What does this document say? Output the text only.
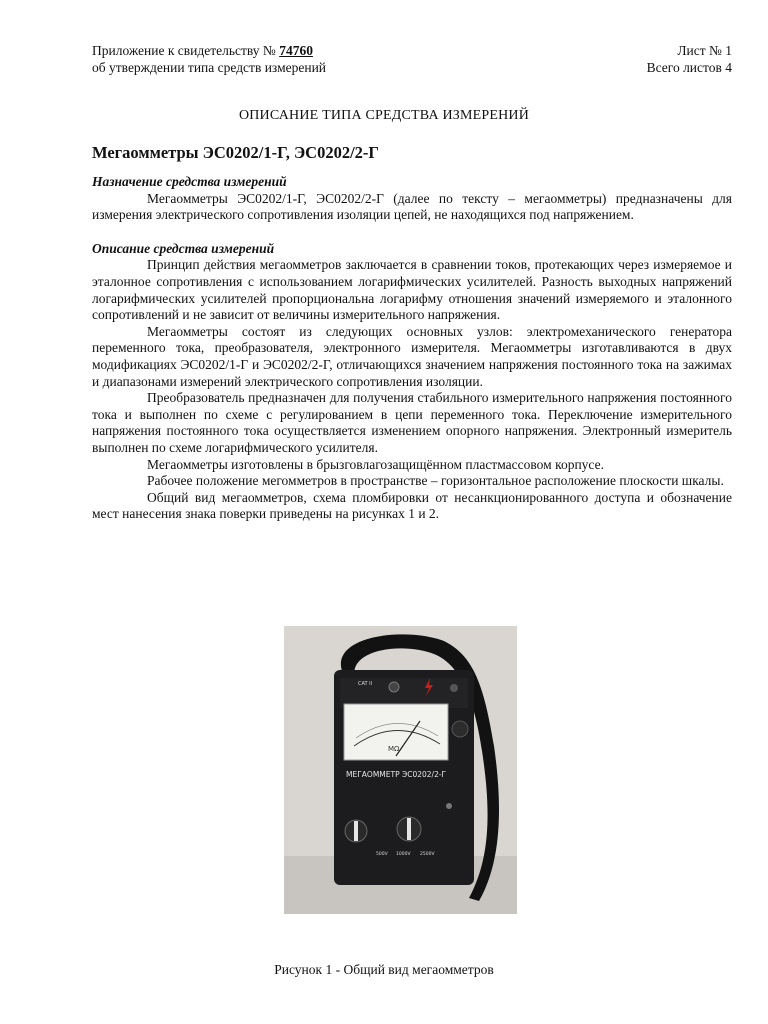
Приложение к свидетельству № 74760	Лист № 1
об утверждении типа средств измерений	Всего листов 4
ОПИСАНИЕ ТИПА СРЕДСТВА ИЗМЕРЕНИЙ
Мегаомметры ЭС0202/1-Г, ЭС0202/2-Г
Назначение средства измерений

Мегаомметры ЭС0202/1-Г, ЭС0202/2-Г (далее по тексту – мегаомметры) предназначены для измерения электрического сопротивления изоляции цепей, не находящихся под напряжением.

Описание средства измерений

Принцип действия мегаомметров заключается в сравнении токов, протекающих через измеряемое и эталонное сопротивления с использованием логарифмических усилителей. Разность выходных напряжений логарифмических усилителей пропорциональна логарифму отношения значений измеряемого и эталонного сопротивлений и не зависит от величины измерительного напряжения.

Мегаомметры состоят из следующих основных узлов: электромеханического генератора переменного тока, преобразователя, электронного измерителя. Мегаомметры изготавливаются в двух модификациях ЭС0202/1-Г и ЭС0202/2-Г, отличающихся значением напряжения постоянного тока на зажимах и диапазонами измерений электрического сопротивления изоляции.

Преобразователь предназначен для получения стабильного измерительного напряжения постоянного тока и выполнен по схеме с регулированием в цепи переменного тока. Переключение измерительного напряжения постоянного тока осуществляется изменением опорного напряжения. Электронный измеритель выполнен по схеме логарифмического усилителя.

Мегаомметры изготовлены в брызговлагозащищённом пластмассовом корпусе.

Рабочее положение мегомметров в пространстве – горизонтальное расположение плоскости шкалы.

Общий вид мегаомметров, схема пломбировки от несанкционированного доступа и обозначение мест нанесения знака поверки приведены на рисунках 1 и 2.

CAT II
MΩ
МЕГАОММЕТР ЭС0202/2-Г
500V 1000V 2500V
Рисунок 1 - Общий вид мегаомметров
